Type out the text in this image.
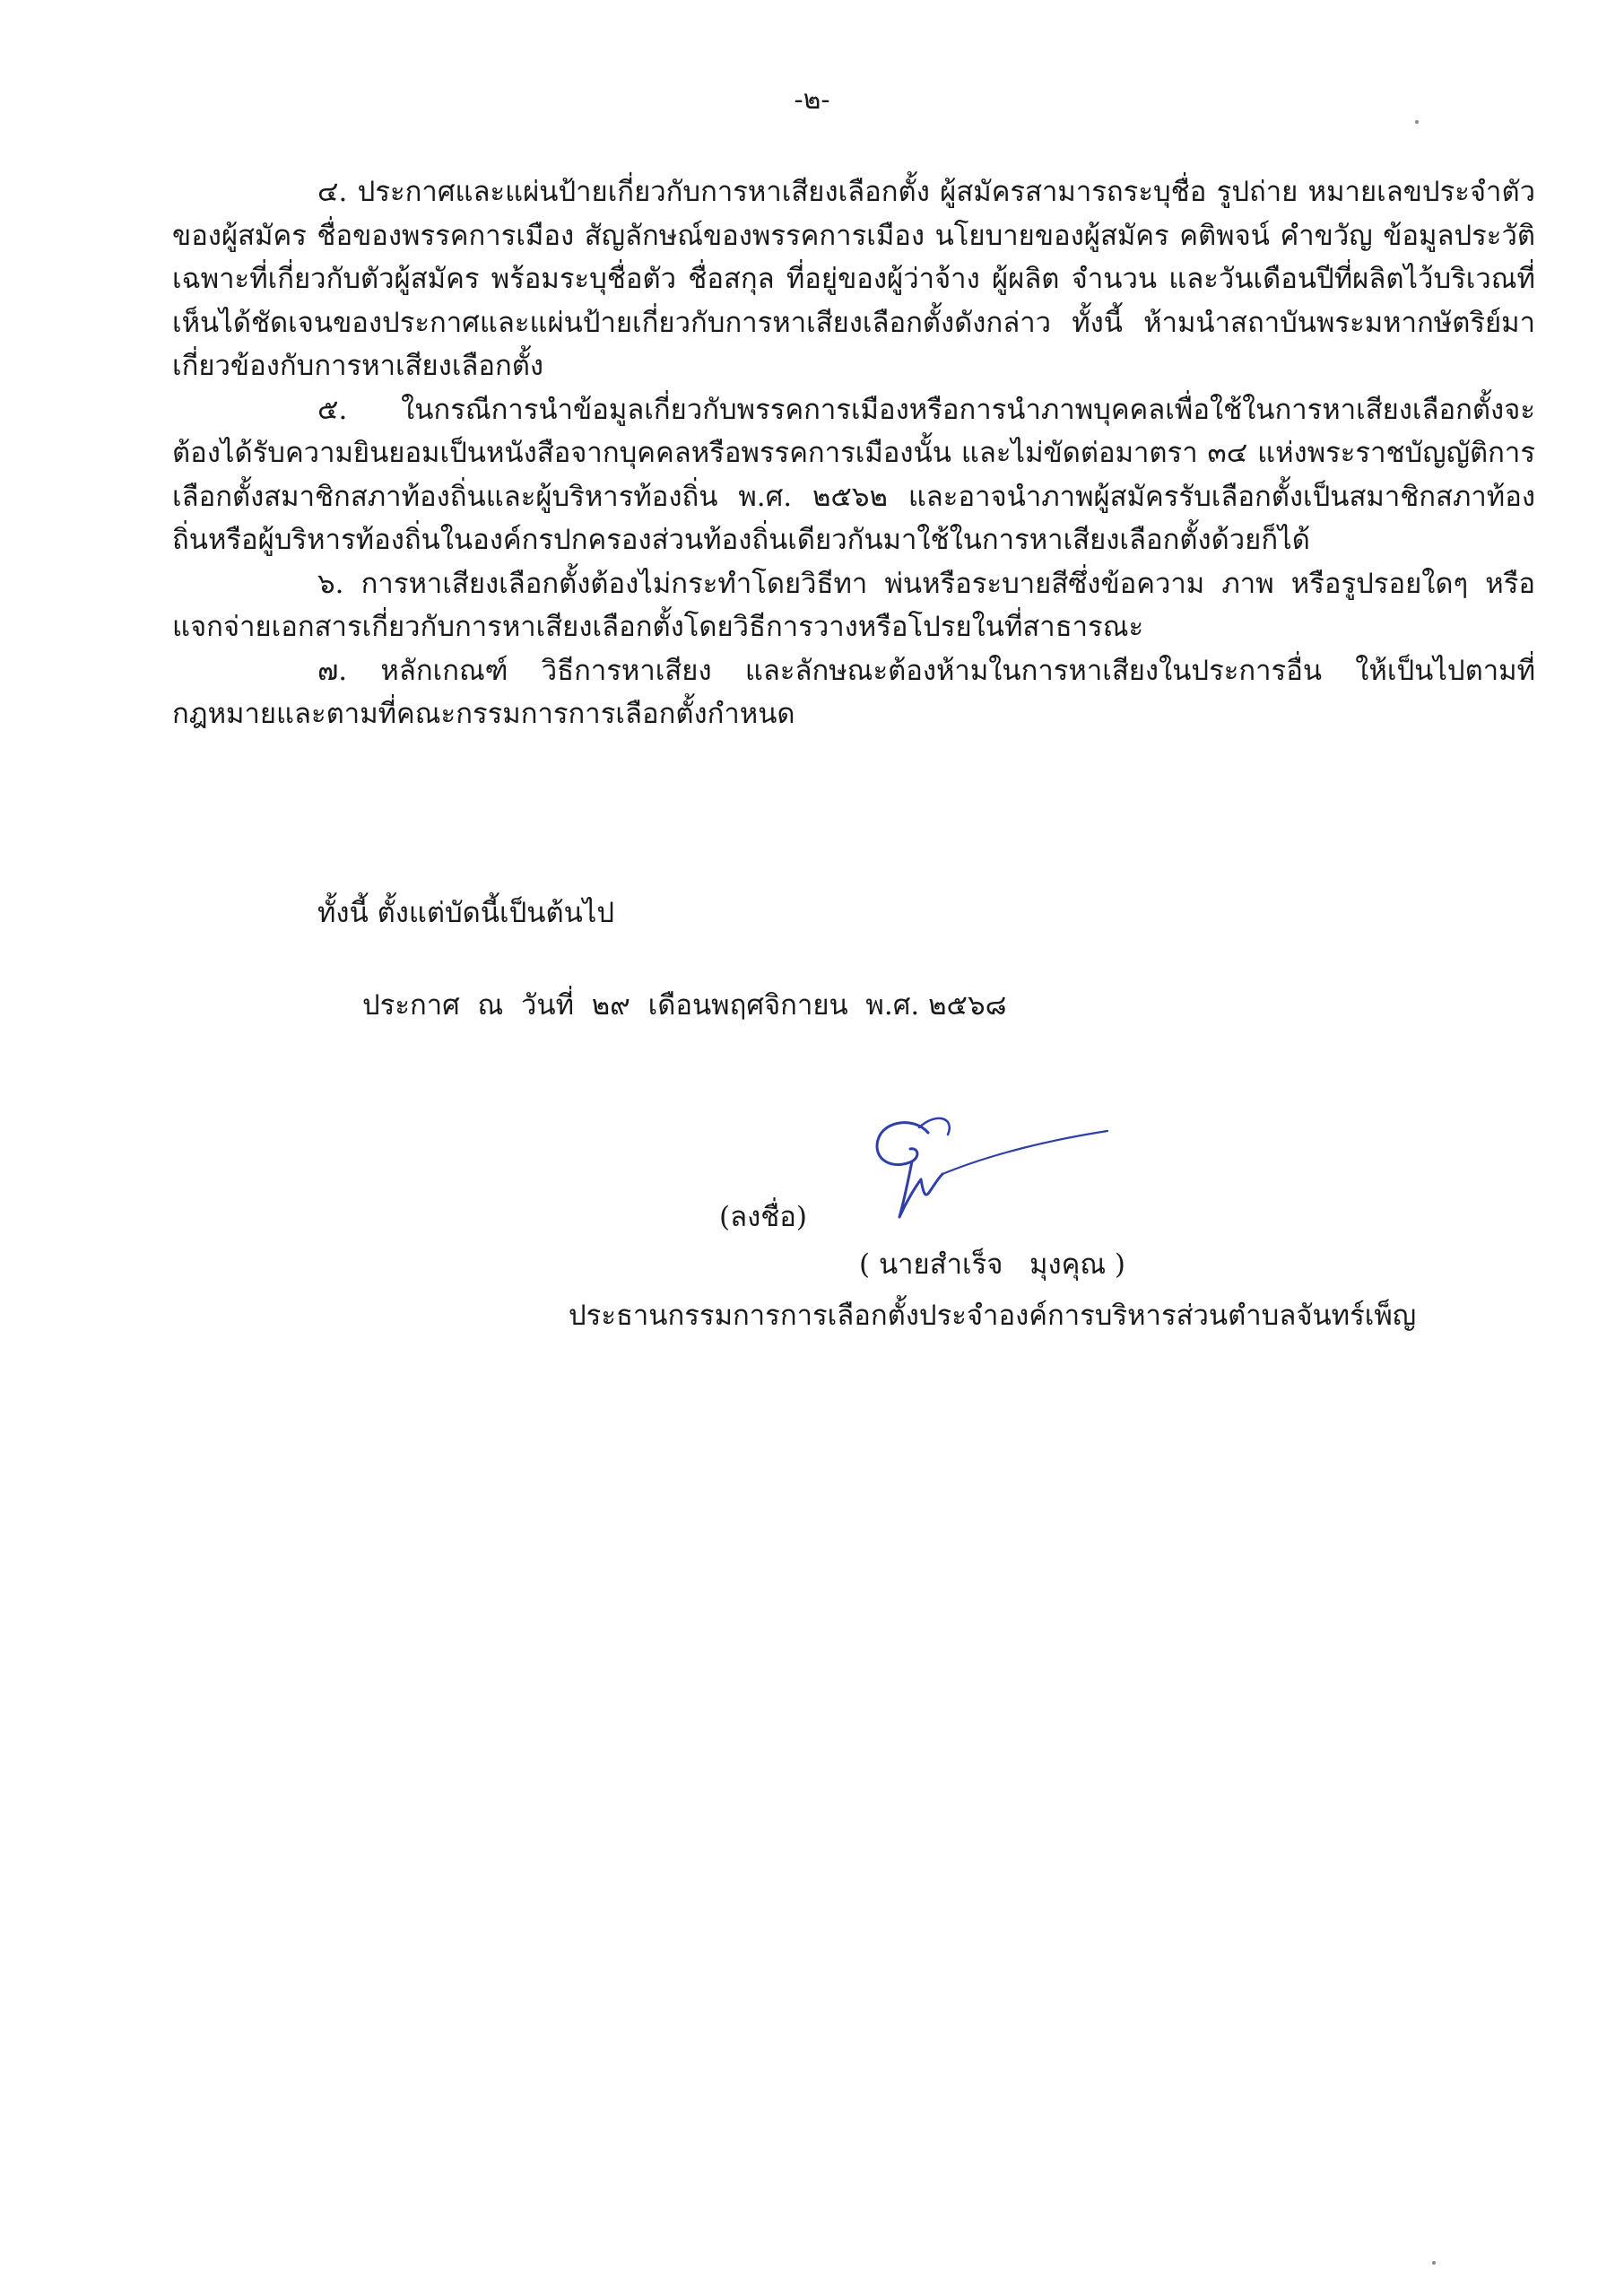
-๒-

๔. ประกาศและแผ่นป้ายเกี่ยวกับการหาเสียงเลือกตั้ง ผู้สมัครสามารถระบุชื่อ รูปถ่าย หมายเลขประจำตัวของผู้สมัคร ชื่อของพรรคการเมือง สัญลักษณ์ของพรรคการเมือง นโยบายของผู้สมัคร คติพจน์ คำขวัญ ข้อมูลประวัติเฉพาะที่เกี่ยวกับตัวผู้สมัคร พร้อมระบุชื่อตัว ชื่อสกุล ที่อยู่ของผู้ว่าจ้าง ผู้ผลิต จำนวน และวันเดือนปีที่ผลิตไว้บริเวณที่เห็นได้ชัดเจนของประกาศและแผ่นป้ายเกี่ยวกับการหาเสียงเลือกตั้งดังกล่าว ทั้งนี้ ห้ามนำสถาบันพระมหากษัตริย์มาเกี่ยวข้องกับการหาเสียงเลือกตั้ง

๕. ในกรณีการนำข้อมูลเกี่ยวกับพรรคการเมืองหรือการนำภาพบุคคลเพื่อใช้ในการหาเสียงเลือกตั้งจะต้องได้รับความยินยอมเป็นหนังสือจากบุคคลหรือพรรคการเมืองนั้น และไม่ขัดต่อมาตรา ๓๔ แห่งพระราชบัญญัติการเลือกตั้งสมาชิกสภาท้องถิ่นและผู้บริหารท้องถิ่น พ.ศ. ๒๕๖๒ และอาจนำภาพผู้สมัครรับเลือกตั้งเป็นสมาชิกสภาท้องถิ่นหรือผู้บริหารท้องถิ่นในองค์กรปกครองส่วนท้องถิ่นเดียวกันมาใช้ในการหาเสียงเลือกตั้งด้วยก็ได้

๖. การหาเสียงเลือกตั้งต้องไม่กระทำโดยวิธีทา พ่นหรือระบายสีซึ่งข้อความ ภาพ หรือรูปรอยใดๆ หรือแจกจ่ายเอกสารเกี่ยวกับการหาเสียงเลือกตั้งโดยวิธีการวางหรือโปรยในที่สาธารณะ

๗. หลักเกณฑ์ วิธีการหาเสียง และลักษณะต้องห้ามในการหาเสียงในประการอื่น ให้เป็นไปตามที่กฎหมายและตามที่คณะกรรมการการเลือกตั้งกำหนด

ทั้งนี้ ตั้งแต่บัดนี้เป็นต้นไป

ประกาศ  ณ  วันที่  ๒๙  เดือนพฤศจิกายน  พ.ศ. ๒๕๖๘

(ลงชื่อ)
( นายสำเร็จ   มุงคุณ )
ประธานกรรมการการเลือกตั้งประจำองค์การบริหารส่วนตำบลจันทร์เพ็ญ
